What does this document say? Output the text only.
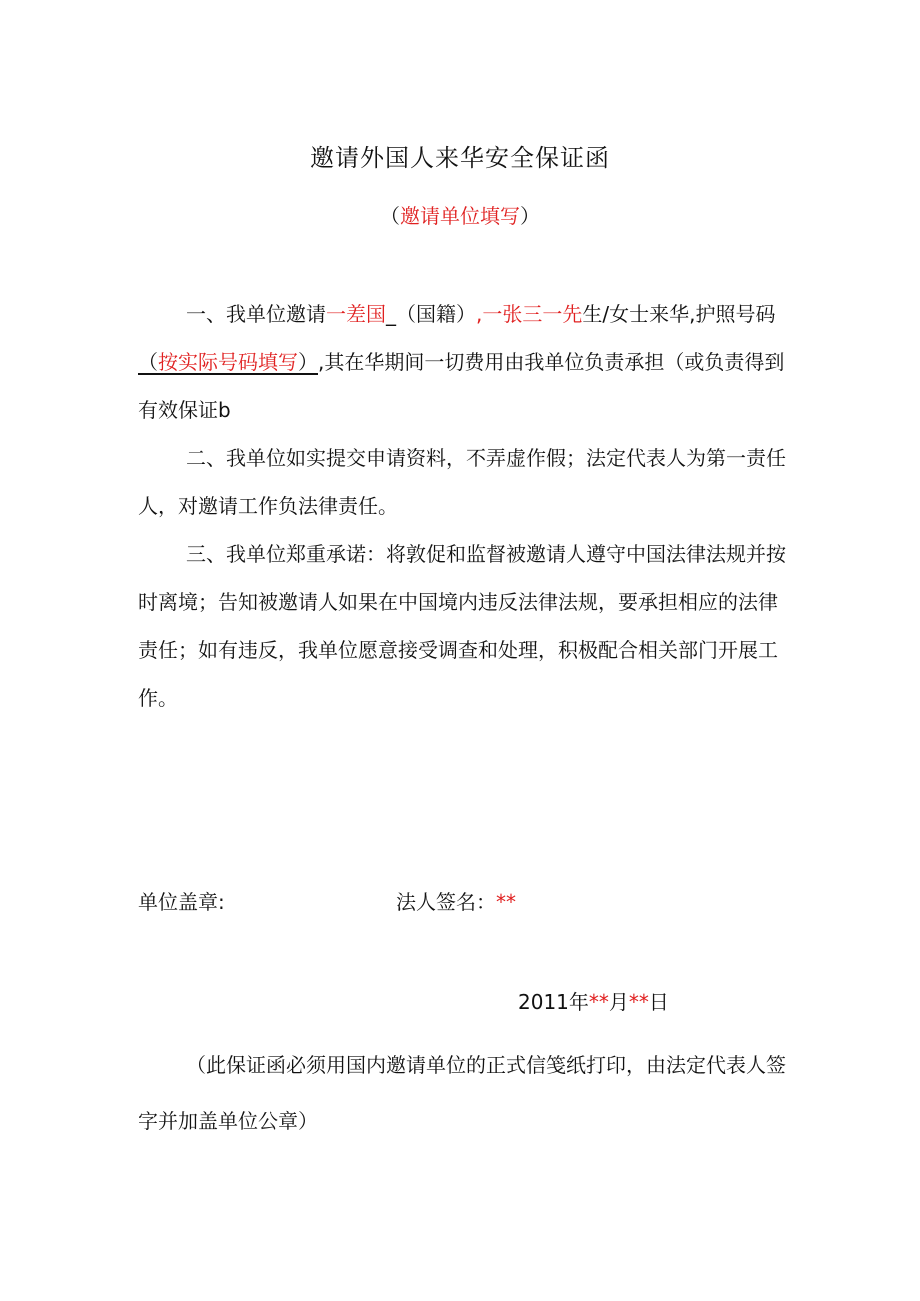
邀请外国人来华安全保证函
（邀请单位填写）

一、我单位邀请一差国_（国籍）,一张三一先生/女士来华,护照号码（按实际号码填写）,其在华期间一切费用由我单位负责承担（或负责得到有效保证b

二、我单位如实提交申请资料，不弄虚作假；法定代表人为第一责任人，对邀请工作负法律责任。

三、我单位郑重承诺：将敦促和监督被邀请人遵守中国法律法规并按时离境；告知被邀请人如果在中国境内违反法律法规，要承担相应的法律责任；如有违反，我单位愿意接受调查和处理，积极配合相关部门开展工作。

单位盖章:	法人签名：**
2011年**月**日

（此保证函必须用国内邀请单位的正式信笺纸打印，由法定代表人签字并加盖单位公章）
